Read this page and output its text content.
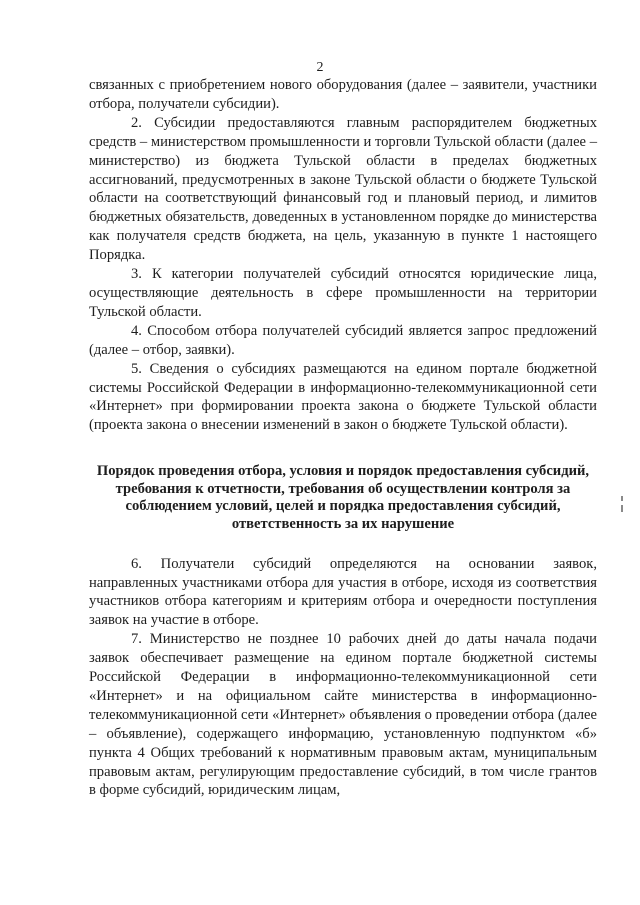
2

связанных с приобретением нового оборудования (далее – заявители, участники отбора, получатели субсидии).

2. Субсидии предоставляются главным распорядителем бюджетных средств – министерством промышленности и торговли Тульской области (далее – министерство) из бюджета Тульской области в пределах бюджетных ассигнований, предусмотренных в законе Тульской области о бюджете Тульской области на соответствующий финансовый год и плановый период, и лимитов бюджетных обязательств, доведенных в установленном порядке до министерства как получателя средств бюджета, на цель, указанную в пункте 1 настоящего Порядка.

3. К категории получателей субсидий относятся юридические лица, осуществляющие деятельность в сфере промышленности на территории Тульской области.

4. Способом отбора получателей субсидий является запрос предложений (далее – отбор, заявки).

5. Сведения о субсидиях размещаются на едином портале бюджетной системы Российской Федерации в информационно-телекоммуникационной сети «Интернет» при формировании проекта закона о бюджете Тульской области (проекта закона о внесении изменений в закон о бюджете Тульской области).

Порядок проведения отбора, условия и порядок предоставления субсидий, требования к отчетности, требования об осуществлении контроля за соблюдением условий, целей и порядка предоставления субсидий, ответственность за их нарушение

6. Получатели субсидий определяются на основании заявок, направленных участниками отбора для участия в отборе, исходя из соответствия участников отбора категориям и критериям отбора и очередности поступления заявок на участие в отборе.

7. Министерство не позднее 10 рабочих дней до даты начала подачи заявок обеспечивает размещение на едином портале бюджетной системы Российской Федерации в информационно-телекоммуникационной сети «Интернет» и на официальном сайте министерства в информационно-телекоммуникационной сети «Интернет» объявления о проведении отбора (далее – объявление), содержащего информацию, установленную подпунктом «б» пункта 4 Общих требований к нормативным правовым актам, муниципальным правовым актам, регулирующим предоставление субсидий, в том числе грантов в форме субсидий, юридическим лицам,
